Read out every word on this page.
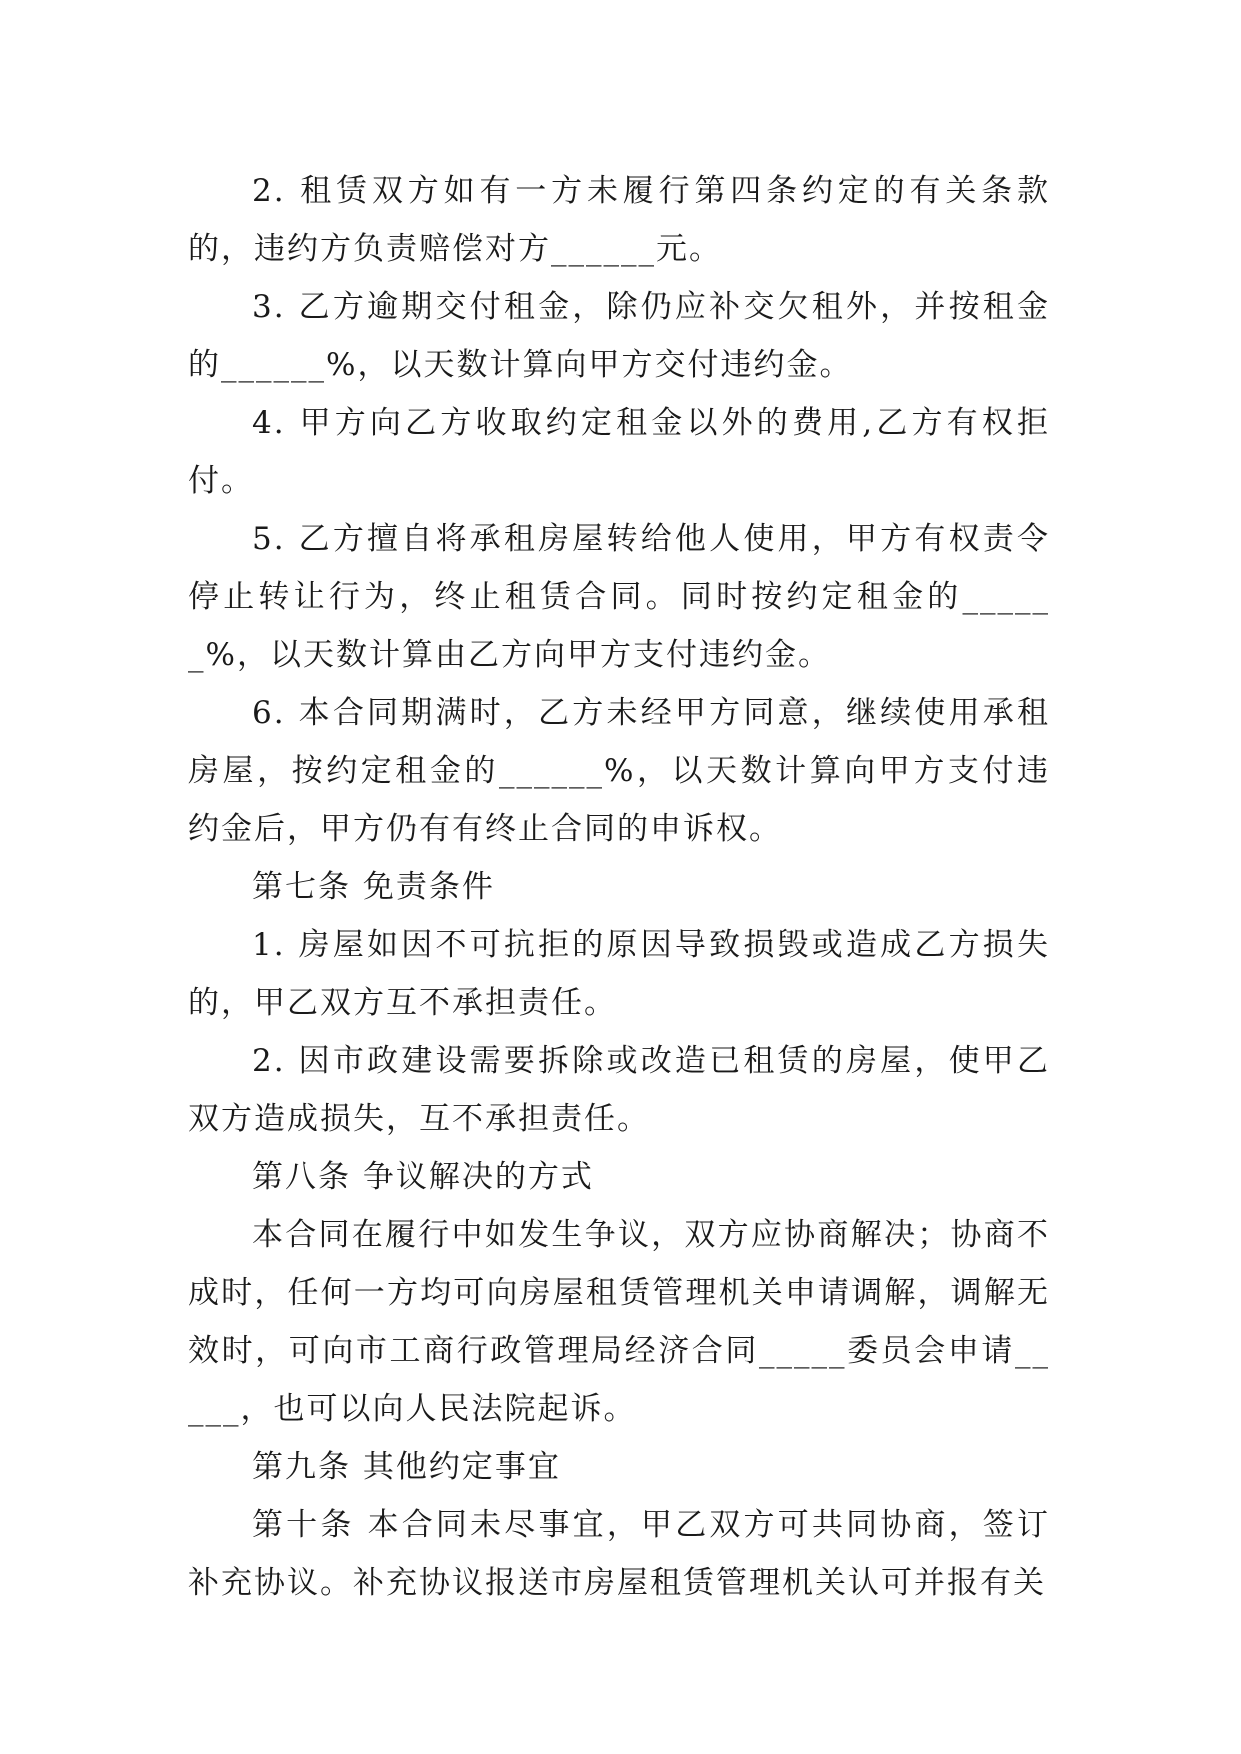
2. 租赁双方如有一方未履行第四条约定的有关条款的，违约方负责赔偿对方______元。

3. 乙方逾期交付租金，除仍应补交欠租外，并按租金的______%，以天数计算向甲方交付违约金。

4. 甲方向乙方收取约定租金以外的费用,乙方有权拒付。

5. 乙方擅自将承租房屋转给他人使用，甲方有权责令停止转让行为，终止租赁合同。同时按约定租金的______%，以天数计算由乙方向甲方支付违约金。

6. 本合同期满时，乙方未经甲方同意，继续使用承租房屋，按约定租金的______%，以天数计算向甲方支付违约金后，甲方仍有有终止合同的申诉权。

第七条 免责条件

1. 房屋如因不可抗拒的原因导致损毁或造成乙方损失的，甲乙双方互不承担责任。

2. 因市政建设需要拆除或改造已租赁的房屋，使甲乙双方造成损失，互不承担责任。

第八条 争议解决的方式

本合同在履行中如发生争议，双方应协商解决；协商不成时，任何一方均可向房屋租赁管理机关申请调解，调解无效时，可向市工商行政管理局经济合同_____委员会申请_____，也可以向人民法院起诉。

第九条 其他约定事宜

第十条 本合同未尽事宜，甲乙双方可共同协商，签订补充协议。补充协议报送市房屋租赁管理机关认可并报有关
